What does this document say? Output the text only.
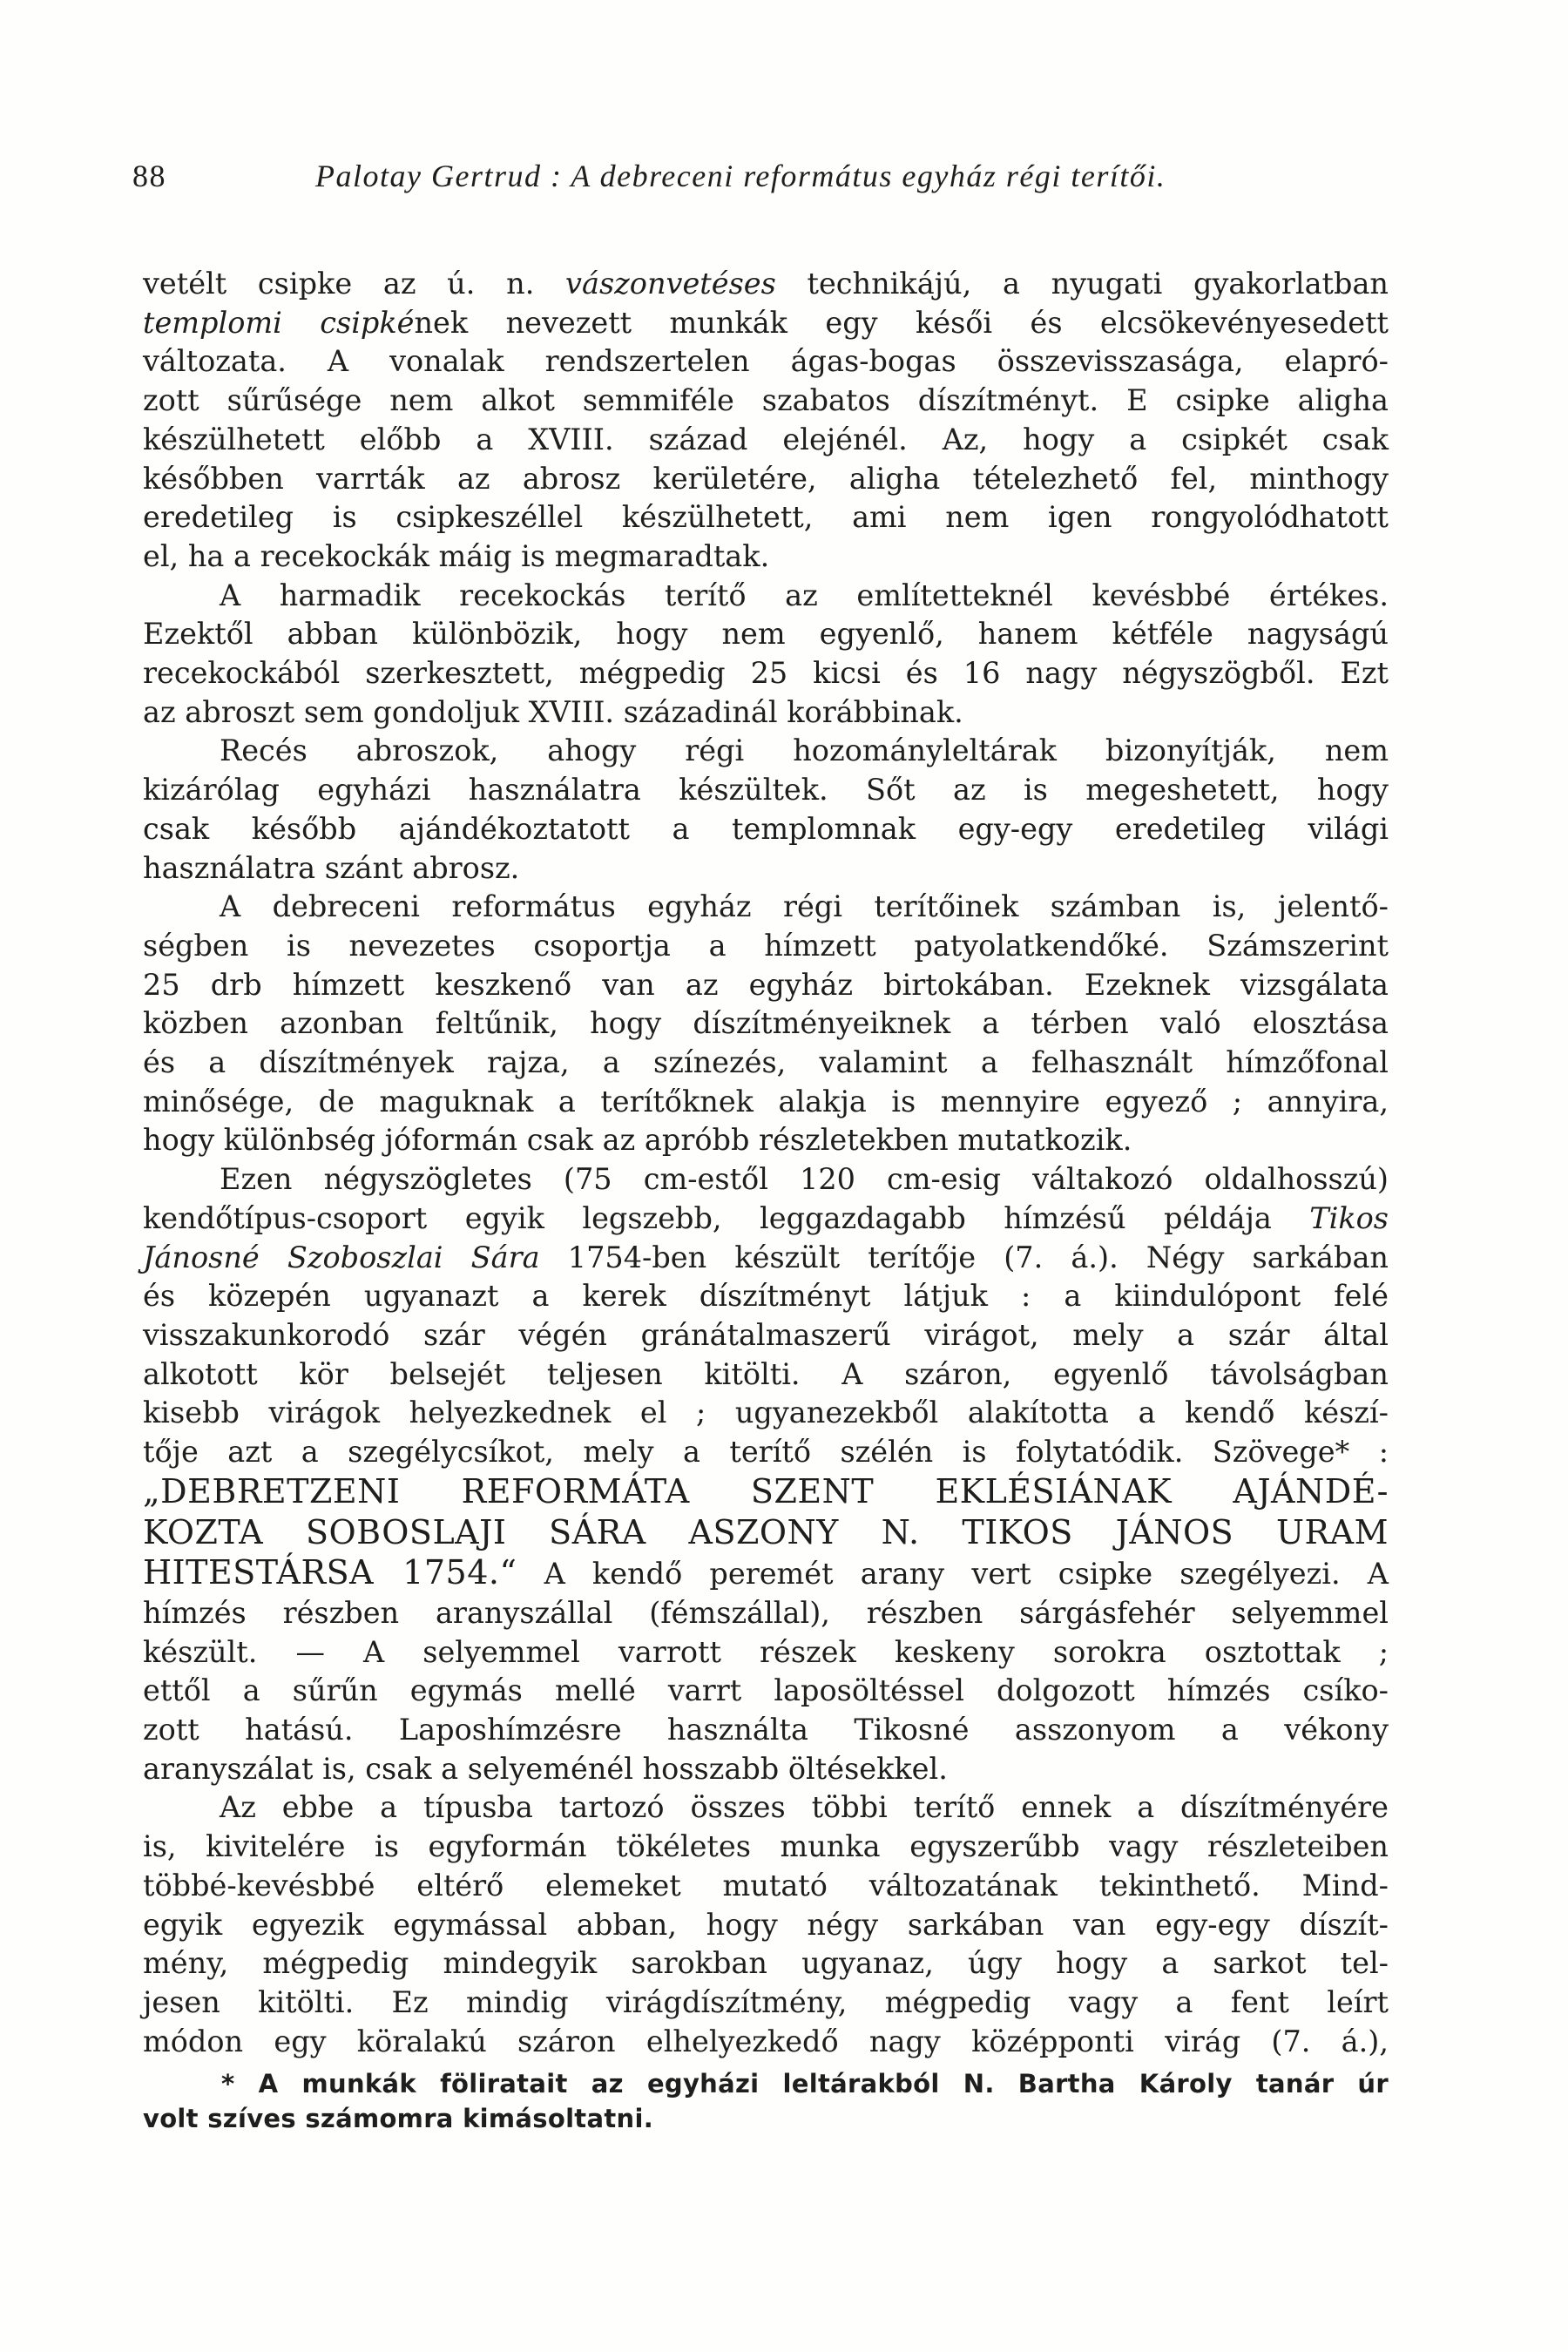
88	Palotay Gertrud : A debreceni református egyház régi terítői.
vetélt csipke az ú. n. vászonvetéses technikájú, a nyugati gyakorlatban
templomi csipkének nevezett munkák egy késői és elcsökevényesedett
változata. A vonalak rendszertelen ágas-bogas összevisszasága, elapró-
zott sűrűsége nem alkot semmiféle szabatos díszítményt. E csipke aligha
készülhetett előbb a XVIII. század elejénél. Az, hogy a csipkét csak
későbben varrták az abrosz kerületére, aligha tételezhető fel, minthogy
eredetileg is csipkeszéllel készülhetett, ami nem igen rongyolódhatott
el, ha a recekockák máig is megmaradtak.
A harmadik recekockás terítő az említetteknél kevésbbé értékes.
Ezektől abban különbözik, hogy nem egyenlő, hanem kétféle nagyságú
recekockából szerkesztett, mégpedig 25 kicsi és 16 nagy négyszögből. Ezt
az abroszt sem gondoljuk XVIII. századinál korábbinak.
Recés abroszok, ahogy régi hozományleltárak bizonyítják, nem
kizárólag egyházi használatra készültek. Sőt az is megeshetett, hogy
csak később ajándékoztatott a templomnak egy-egy eredetileg világi
használatra szánt abrosz.
A debreceni református egyház régi terítőinek számban is, jelentő-
ségben is nevezetes csoportja a hímzett patyolatkendőké. Számszerint
25 drb hímzett keszkenő van az egyház birtokában. Ezeknek vizsgálata
közben azonban feltűnik, hogy díszítményeiknek a térben való elosztása
és a díszítmények rajza, a színezés, valamint a felhasznált hímzőfonal
minősége, de maguknak a terítőknek alakja is mennyire egyező ; annyira,
hogy különbség jóformán csak az apróbb részletekben mutatkozik.
Ezen négyszögletes (75 cm-estől 120 cm-esig váltakozó oldalhosszú)
kendőtípus-csoport egyik legszebb, leggazdagabb hímzésű példája Tikos
Jánosné Szoboszlai Sára 1754-ben készült terítője (7. á.). Négy sarkában
és közepén ugyanazt a kerek díszítményt látjuk : a kiindulópont felé
visszakunkorodó szár végén gránátalmaszerű virágot, mely a szár által
alkotott kör belsejét teljesen kitölti. A száron, egyenlő távolságban
kisebb virágok helyezkednek el ; ugyanezekből alakította a kendő készí-
tője azt a szegélycsíkot, mely a terítő szélén is folytatódik. Szövege* :
„DEBRETZENI REFORMÁTA SZENT EKLÉSIÁNAK AJÁNDÉ-
KOZTA SOBOSLAJI SÁRA ASZONY N. TIKOS JÁNOS URAM
HITESTÁRSA 1754.“ A kendő peremét arany vert csipke szegélyezi. A
hímzés részben aranyszállal (fémszállal), részben sárgásfehér selyemmel
készült. — A selyemmel varrott részek keskeny sorokra osztottak ;
ettől a sűrűn egymás mellé varrt laposöltéssel dolgozott hímzés csíko-
zott hatású. Laposhímzésre használta Tikosné asszonyom a vékony
aranyszálat is, csak a selyeménél hosszabb öltésekkel.
Az ebbe a típusba tartozó összes többi terítő ennek a díszítményére
is, kivitelére is egyformán tökéletes munka egyszerűbb vagy részleteiben
többé-kevésbbé eltérő elemeket mutató változatának tekinthető. Mind-
egyik egyezik egymással abban, hogy négy sarkában van egy-egy díszít-
mény, mégpedig mindegyik sarokban ugyanaz, úgy hogy a sarkot tel-
jesen kitölti. Ez mindig virágdíszítmény, mégpedig vagy a fent leírt
módon egy köralakú száron elhelyezkedő nagy középponti virág (7. á.),
* A munkák föliratait az egyházi leltárakból N. Bartha Károly tanár úr
volt szíves számomra kimásoltatni.
